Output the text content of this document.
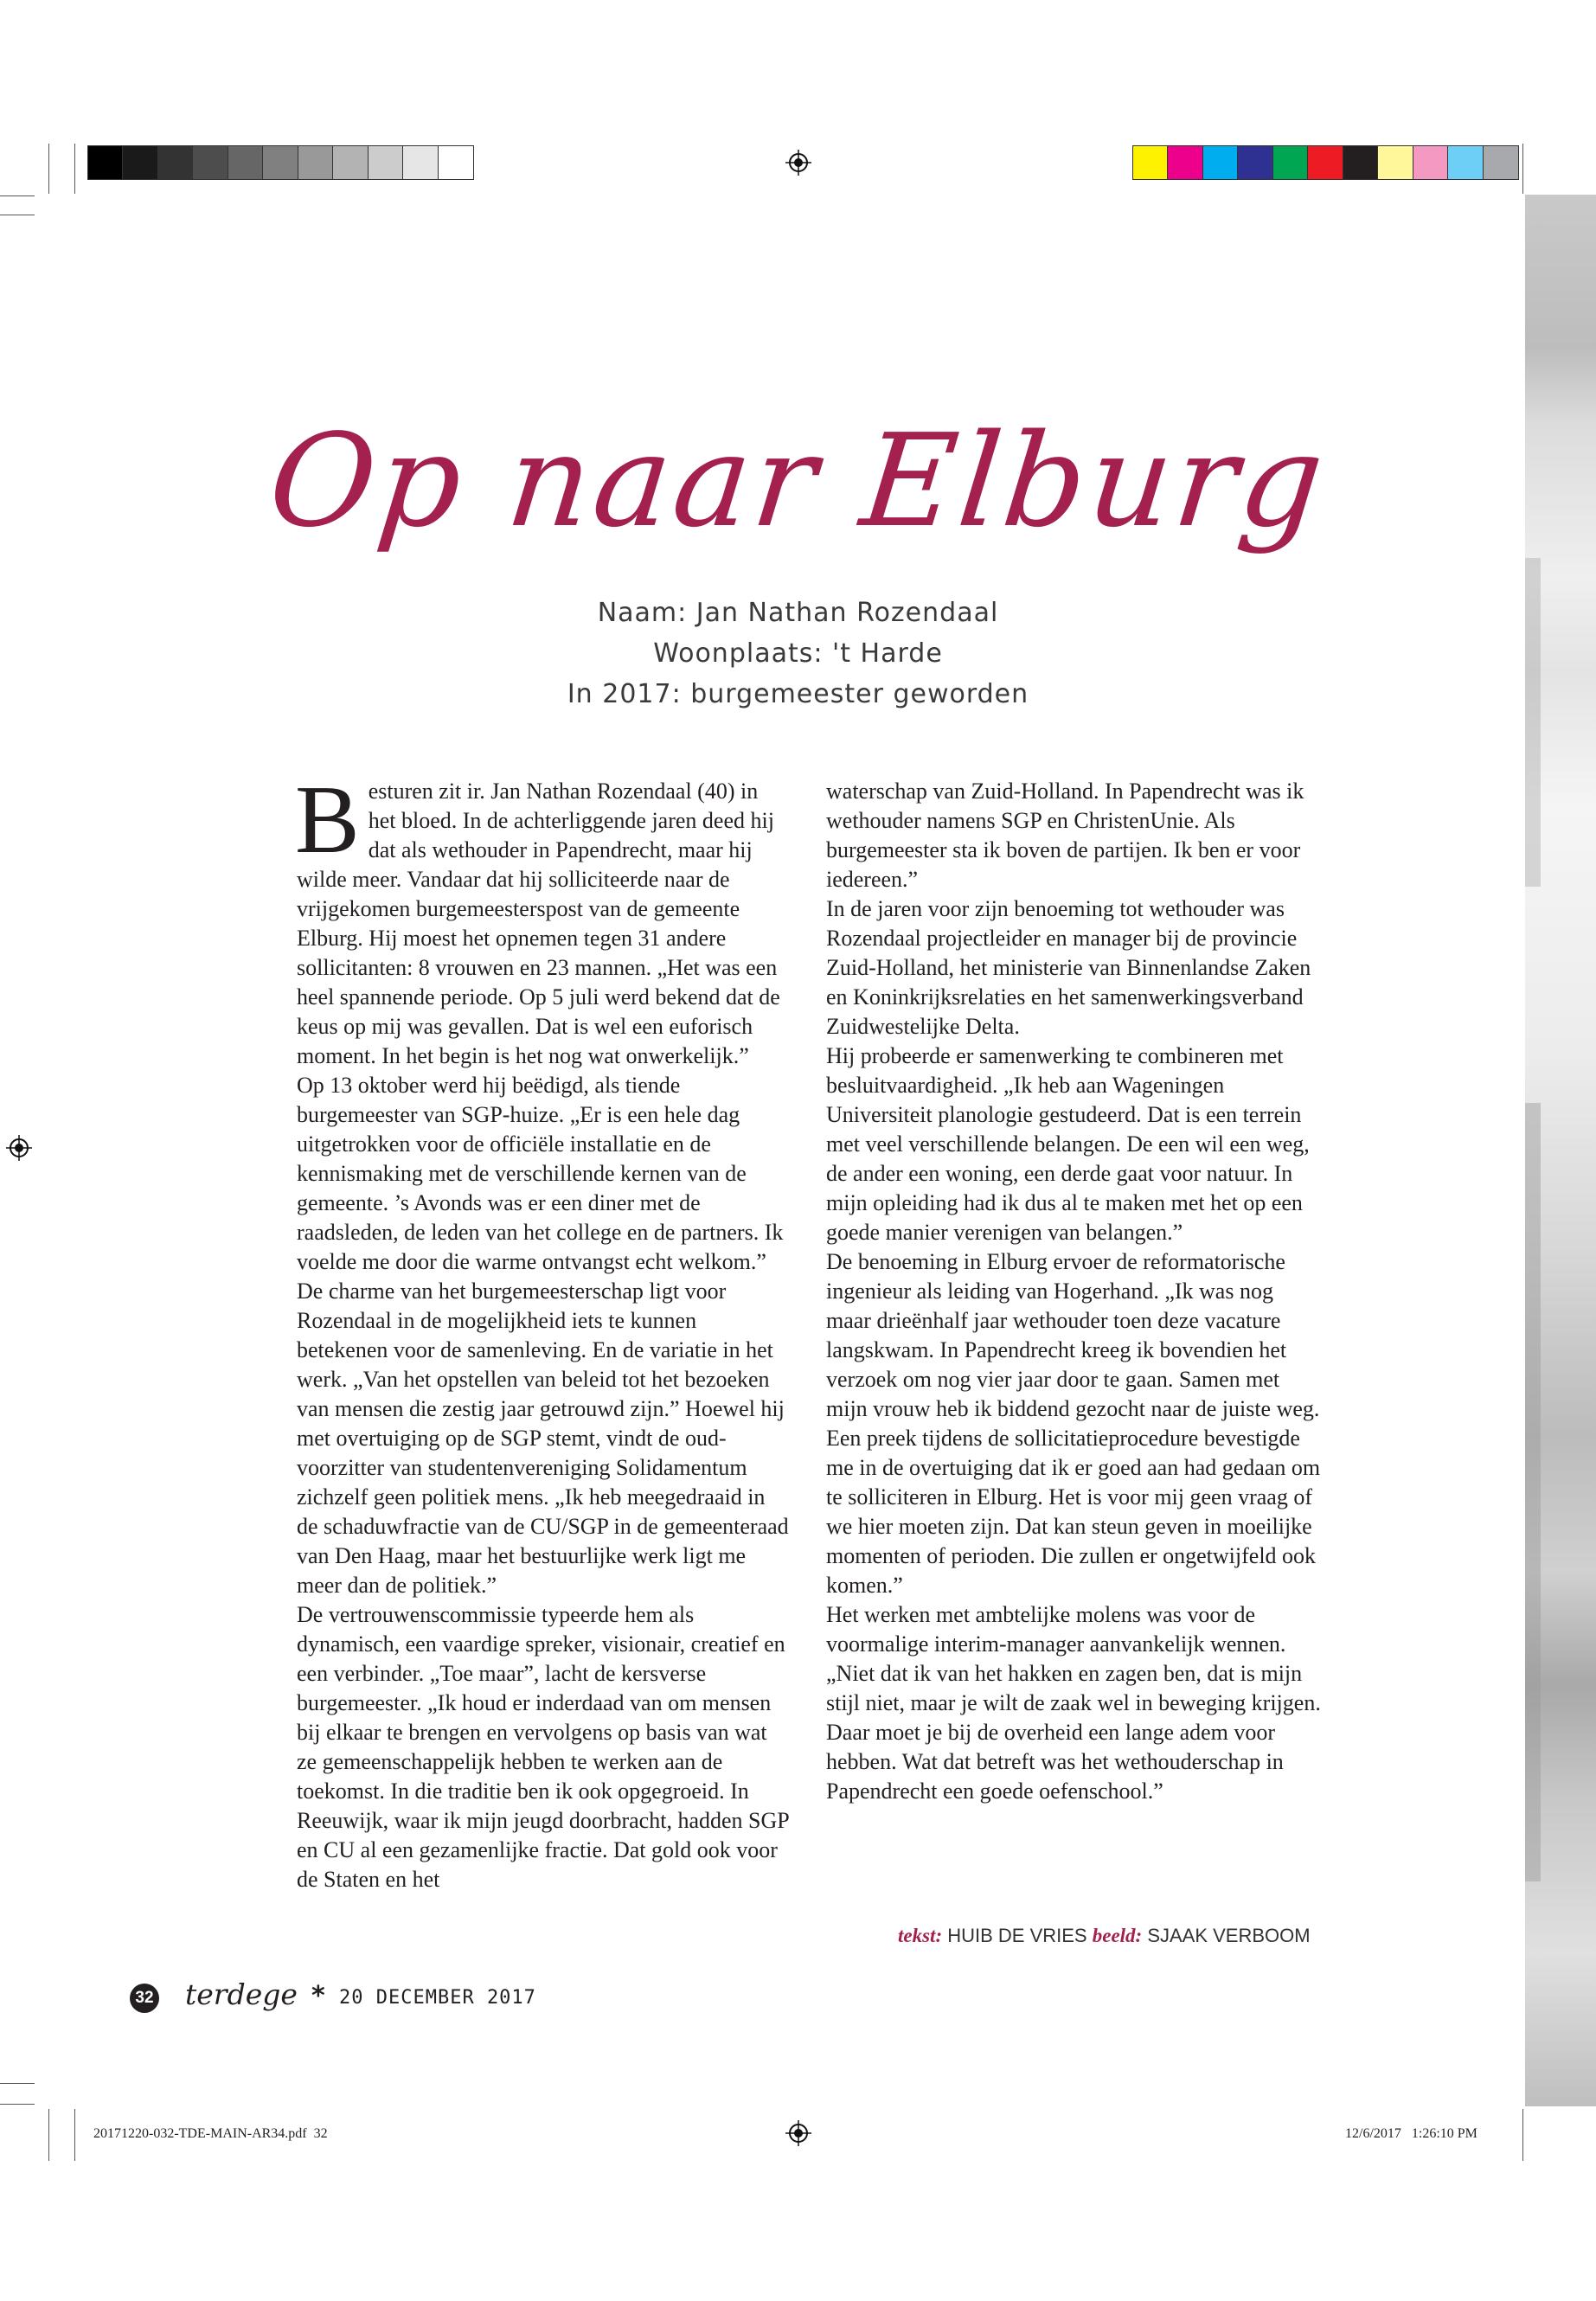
Op naar Elburg
Naam: Jan Nathan Rozendaal
Woonplaats: 't Harde
In 2017: burgemeester geworden

Besturen zit ir. Jan Nathan Rozendaal (40) in het bloed. In de achterliggende jaren deed hij dat als wethouder in Papendrecht, maar hij wilde meer. Vandaar dat hij solliciteerde naar de vrijgekomen burgemeesterspost van de gemeente Elburg. Hij moest het opnemen tegen 31 andere sollicitanten: 8 vrouwen en 23 mannen. „Het was een heel spannende periode. Op 5 juli werd bekend dat de keus op mij was gevallen. Dat is wel een euforisch moment. In het begin is het nog wat onwerkelijk.”

Op 13 oktober werd hij beëdigd, als tiende burgemeester van SGP-huize. „Er is een hele dag uitgetrokken voor de officiële installatie en de kennismaking met de verschillende kernen van de gemeente. ’s Avonds was er een diner met de raadsleden, de leden van het college en de partners. Ik voelde me door die warme ontvangst echt welkom.”

De charme van het burgemeesterschap ligt voor Rozendaal in de mogelijkheid iets te kunnen betekenen voor de samenleving. En de variatie in het werk. „Van het opstellen van beleid tot het bezoeken van mensen die zestig jaar getrouwd zijn.” Hoewel hij met overtuiging op de SGP stemt, vindt de oud-voorzitter van studentenvereniging Solidamentum zichzelf geen politiek mens. „Ik heb meegedraaid in de schaduwfractie van de CU/SGP in de gemeenteraad van Den Haag, maar het bestuurlijke werk ligt me meer dan de politiek.”

De vertrouwenscommissie typeerde hem als dynamisch, een vaardige spreker, visionair, creatief en een verbinder. „Toe maar”, lacht de kersverse burgemeester. „Ik houd er inderdaad van om mensen bij elkaar te brengen en vervolgens op basis van wat ze gemeenschappelijk hebben te werken aan de toekomst. In die traditie ben ik ook opgegroeid. In Reeuwijk, waar ik mijn jeugd doorbracht, hadden SGP en CU al een gezamenlijke fractie. Dat gold ook voor de Staten en het

waterschap van Zuid-Holland. In Papendrecht was ik wethouder namens SGP en ChristenUnie. Als burgemeester sta ik boven de partijen. Ik ben er voor iedereen.”

In de jaren voor zijn benoeming tot wethouder was Rozendaal projectleider en manager bij de provincie Zuid-Holland, het ministerie van Binnenlandse Zaken en Koninkrijksrelaties en het samenwerkingsverband Zuidwestelijke Delta.

Hij probeerde er samenwerking te combineren met besluitvaardigheid. „Ik heb aan Wageningen Universiteit planologie gestudeerd. Dat is een terrein met veel verschillende belangen. De een wil een weg, de ander een woning, een derde gaat voor natuur. In mijn opleiding had ik dus al te maken met het op een goede manier verenigen van belangen.”

De benoeming in Elburg ervoer de reformatorische ingenieur als leiding van Hogerhand. „Ik was nog maar drieënhalf jaar wethouder toen deze vacature langskwam. In Papendrecht kreeg ik bovendien het verzoek om nog vier jaar door te gaan. Samen met mijn vrouw heb ik biddend gezocht naar de juiste weg. Een preek tijdens de sollicitatieprocedure bevestigde me in de overtuiging dat ik er goed aan had gedaan om te solliciteren in Elburg. Het is voor mij geen vraag of we hier moeten zijn. Dat kan steun geven in moeilijke momenten of perioden. Die zullen er ongetwijfeld ook komen.”

Het werken met ambtelijke molens was voor de voormalige interim-manager aanvankelijk wennen. „Niet dat ik van het hakken en zagen ben, dat is mijn stijl niet, maar je wilt de zaak wel in beweging krijgen. Daar moet je bij de overheid een lange adem voor hebben. Wat dat betreft was het wethouderschap in Papendrecht een goede oefenschool.”

tekst: HUIB DE VRIES beeld: SJAAK VERBOOM
32 terdege * 20 DECEMBER 2017
20171220-032-TDE-MAIN-AR34.pdf  32	12/6/2017   1:26:10 PM
